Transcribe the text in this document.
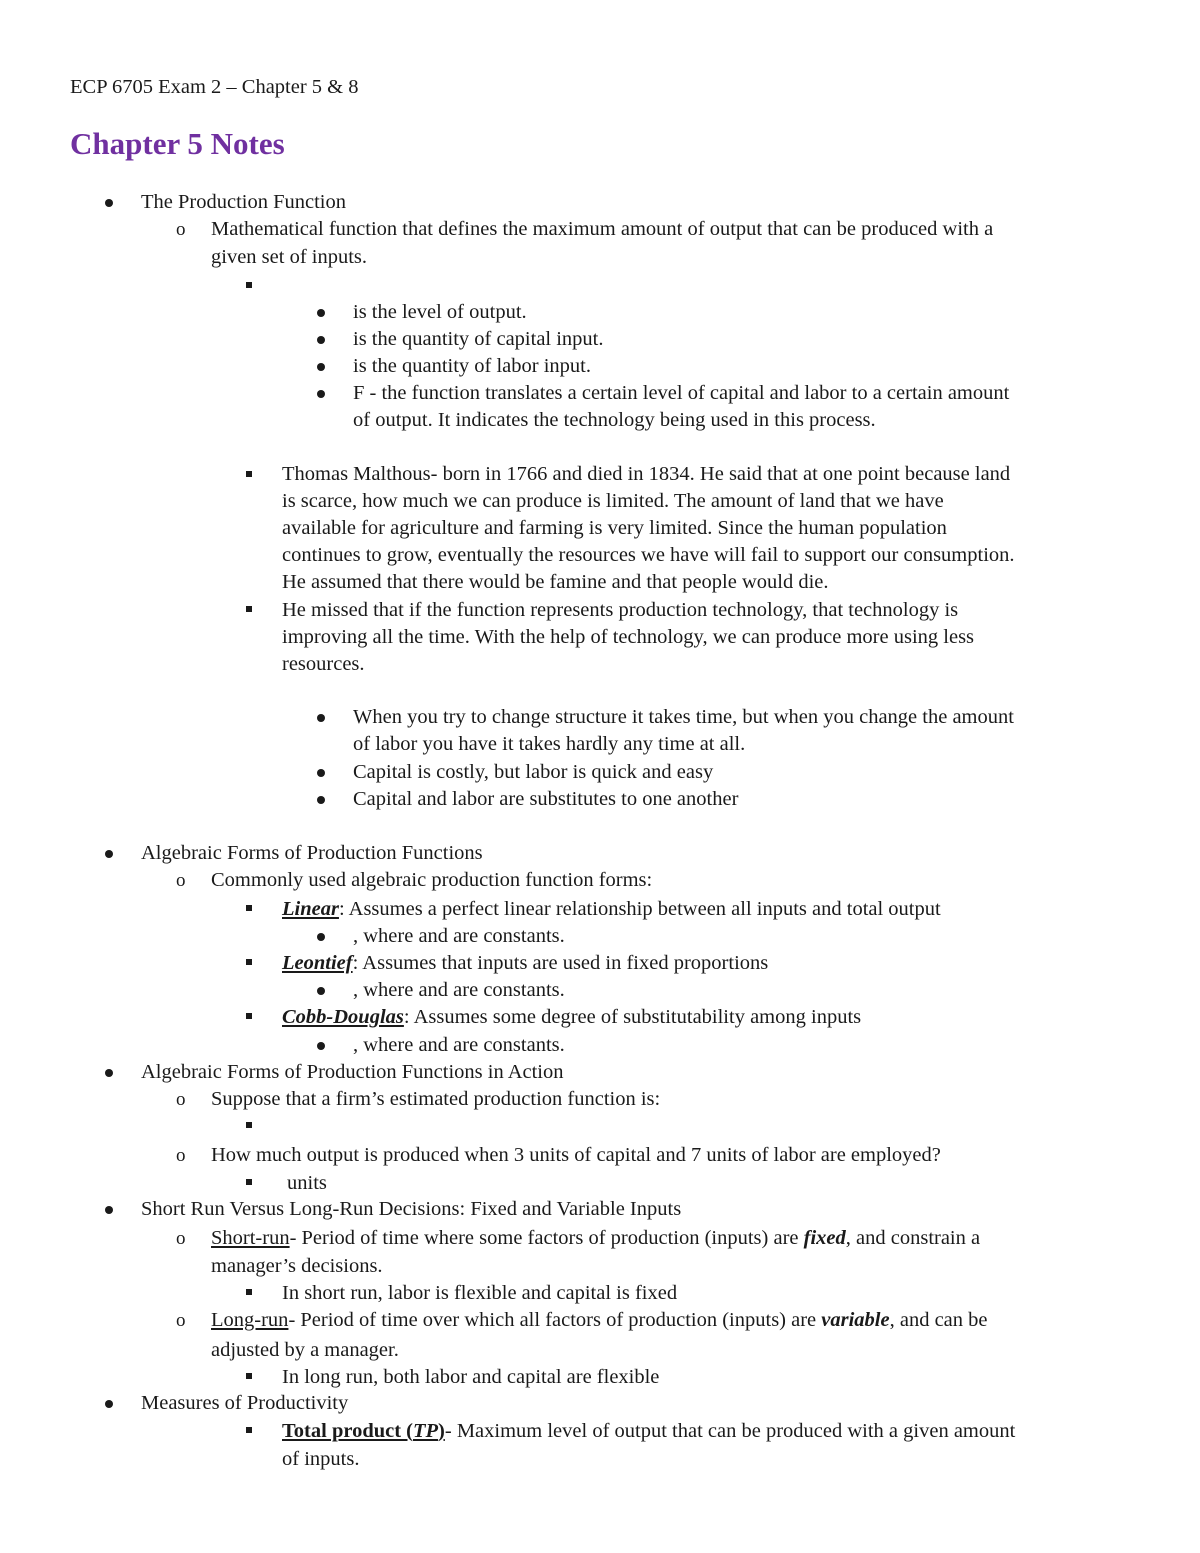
ECP 6705 Exam 2 – Chapter 5 & 8
Chapter 5 Notes
The Production Function
o Mathematical function that defines the maximum amount of output that can be produced with a
given set of inputs.
is the level of output.
is the quantity of capital input.
is the quantity of labor input.
F - the function translates a certain level of capital and labor to a certain amount
of output. It indicates the technology being used in this process.
Thomas Malthous- born in 1766 and died in 1834. He said that at one point because land
is scarce, how much we can produce is limited. The amount of land that we have
available for agriculture and farming is very limited. Since the human population
continues to grow, eventually the resources we have will fail to support our consumption.
He assumed that there would be famine and that people would die.
He missed that if the function represents production technology, that technology is
improving all the time. With the help of technology, we can produce more using less
resources.
When you try to change structure it takes time, but when you change the amount
of labor you have it takes hardly any time at all.
Capital is costly, but labor is quick and easy
Capital and labor are substitutes to one another
Algebraic Forms of Production Functions
o Commonly used algebraic production function forms:
Linear: Assumes a perfect linear relationship between all inputs and total output
, where and are constants.
Leontief: Assumes that inputs are used in fixed proportions
, where and are constants.
Cobb-Douglas: Assumes some degree of substitutability among inputs
, where and are constants.
Algebraic Forms of Production Functions in Action
o Suppose that a firm’s estimated production function is:
o How much output is produced when 3 units of capital and 7 units of labor are employed?
units
Short Run Versus Long-Run Decisions: Fixed and Variable Inputs
o Short-run- Period of time where some factors of production (inputs) are fixed, and constrain a
manager’s decisions.
In short run, labor is flexible and capital is fixed
o Long-run- Period of time over which all factors of production (inputs) are variable, and can be
adjusted by a manager.
In long run, both labor and capital are flexible
Measures of Productivity
Total product (TP)- Maximum level of output that can be produced with a given amount
of inputs.
